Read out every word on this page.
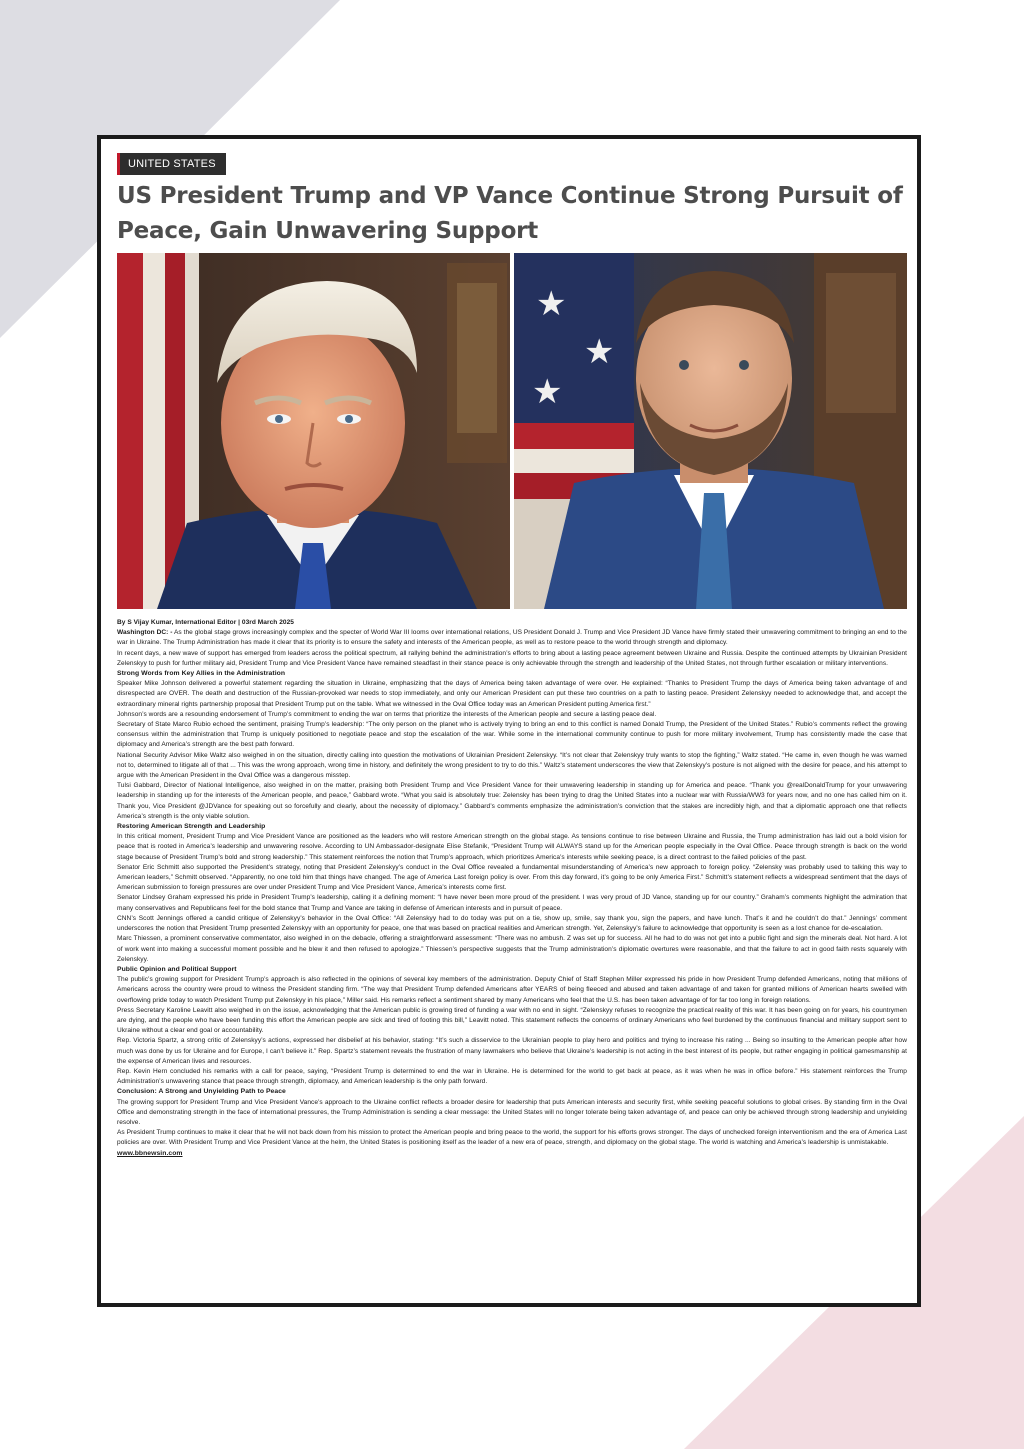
UNITED STATES
US President Trump and VP Vance Continue Strong Pursuit of Peace, Gain Unwavering Support
★
★
★

By S Vijay Kumar, International Editor | 03rd March 2025

Washington DC: - As the global stage grows increasingly complex and the specter of World War III looms over international relations, US President Donald J. Trump and Vice President JD Vance have firmly stated their unwavering commitment to bringing an end to the war in Ukraine. The Trump Administration has made it clear that its priority is to ensure the safety and interests of the American people, as well as to restore peace to the world through strength and diplomacy.

In recent days, a new wave of support has emerged from leaders across the political spectrum, all rallying behind the administration’s efforts to bring about a lasting peace agreement between Ukraine and Russia. Despite the continued attempts by Ukrainian President Zelenskyy to push for further military aid, President Trump and Vice President Vance have remained steadfast in their stance peace is only achievable through the strength and leadership of the United States, not through further escalation or military interventions.

Strong Words from Key Allies in the Administration

Speaker Mike Johnson delivered a powerful statement regarding the situation in Ukraine, emphasizing that the days of America being taken advantage of were over. He explained: “Thanks to President Trump the days of America being taken advantage of and disrespected are OVER. The death and destruction of the Russian-provoked war needs to stop immediately, and only our American President can put these two countries on a path to lasting peace. President Zelenskyy needed to acknowledge that, and accept the extraordinary mineral rights partnership proposal that President Trump put on the table. What we witnessed in the Oval Office today was an American President putting America first.”

Johnson’s words are a resounding endorsement of Trump’s commitment to ending the war on terms that prioritize the interests of the American people and secure a lasting peace deal.

Secretary of State Marco Rubio echoed the sentiment, praising Trump’s leadership: “The only person on the planet who is actively trying to bring an end to this conflict is named Donald Trump, the President of the United States.” Rubio’s comments reflect the growing consensus within the administration that Trump is uniquely positioned to negotiate peace and stop the escalation of the war. While some in the international community continue to push for more military involvement, Trump has consistently made the case that diplomacy and America’s strength are the best path forward.

National Security Advisor Mike Waltz also weighed in on the situation, directly calling into question the motivations of Ukrainian President Zelenskyy. “It’s not clear that Zelenskyy truly wants to stop the fighting,” Waltz stated. “He came in, even though he was warned not to, determined to litigate all of that ... This was the wrong approach, wrong time in history, and definitely the wrong president to try to do this.” Waltz’s statement underscores the view that Zelenskyy’s posture is not aligned with the desire for peace, and his attempt to argue with the American President in the Oval Office was a dangerous misstep.

Tulsi Gabbard, Director of National Intelligence, also weighed in on the matter, praising both President Trump and Vice President Vance for their unwavering leadership in standing up for America and peace. “Thank you @realDonaldTrump for your unwavering leadership in standing up for the interests of the American people, and peace,” Gabbard wrote. “What you said is absolutely true: Zelensky has been trying to drag the United States into a nuclear war with Russia/WW3 for years now, and no one has called him on it. Thank you, Vice President @JDVance for speaking out so forcefully and clearly, about the necessity of diplomacy.” Gabbard’s comments emphasize the administration’s conviction that the stakes are incredibly high, and that a diplomatic approach one that reflects America’s strength is the only viable solution.

Restoring American Strength and Leadership

In this critical moment, President Trump and Vice President Vance are positioned as the leaders who will restore American strength on the global stage. As tensions continue to rise between Ukraine and Russia, the Trump administration has laid out a bold vision for peace that is rooted in America’s leadership and unwavering resolve. According to UN Ambassador-designate Elise Stefanik, “President Trump will ALWAYS stand up for the American people especially in the Oval Office. Peace through strength is back on the world stage because of President Trump’s bold and strong leadership.” This statement reinforces the notion that Trump’s approach, which prioritizes America’s interests while seeking peace, is a direct contrast to the failed policies of the past.

Senator Eric Schmitt also supported the President’s strategy, noting that President Zelenskyy’s conduct in the Oval Office revealed a fundamental misunderstanding of America’s new approach to foreign policy. “Zelensky was probably used to talking this way to American leaders,” Schmitt observed. “Apparently, no one told him that things have changed. The age of America Last foreign policy is over. From this day forward, it’s going to be only America First.” Schmitt’s statement reflects a widespread sentiment that the days of American submission to foreign pressures are over under President Trump and Vice President Vance, America’s interests come first.

Senator Lindsey Graham expressed his pride in President Trump’s leadership, calling it a defining moment: “I have never been more proud of the president. I was very proud of JD Vance, standing up for our country.” Graham’s comments highlight the admiration that many conservatives and Republicans feel for the bold stance that Trump and Vance are taking in defense of American interests and in pursuit of peace.

CNN’s Scott Jennings offered a candid critique of Zelenskyy’s behavior in the Oval Office: “All Zelenskyy had to do today was put on a tie, show up, smile, say thank you, sign the papers, and have lunch. That’s it and he couldn’t do that.” Jennings’ comment underscores the notion that President Trump presented Zelenskyy with an opportunity for peace, one that was based on practical realities and American strength. Yet, Zelenskyy’s failure to acknowledge that opportunity is seen as a lost chance for de-escalation.

Marc Thiessen, a prominent conservative commentator, also weighed in on the debacle, offering a straightforward assessment: “There was no ambush. Z was set up for success. All he had to do was not get into a public fight and sign the minerals deal. Not hard. A lot of work went into making a successful moment possible and he blew it and then refused to apologize.” Thiessen’s perspective suggests that the Trump administration’s diplomatic overtures were reasonable, and that the failure to act in good faith rests squarely with Zelenskyy.

Public Opinion and Political Support

The public’s growing support for President Trump’s approach is also reflected in the opinions of several key members of the administration. Deputy Chief of Staff Stephen Miller expressed his pride in how President Trump defended Americans, noting that millions of Americans across the country were proud to witness the President standing firm. “The way that President Trump defended Americans after YEARS of being fleeced and abused and taken advantage of and taken for granted millions of American hearts swelled with overflowing pride today to watch President Trump put Zelenskyy in his place,” Miller said. His remarks reflect a sentiment shared by many Americans who feel that the U.S. has been taken advantage of for far too long in foreign relations.

Press Secretary Karoline Leavitt also weighed in on the issue, acknowledging that the American public is growing tired of funding a war with no end in sight. “Zelenskyy refuses to recognize the practical reality of this war. It has been going on for years, his countrymen are dying, and the people who have been funding this effort the American people are sick and tired of footing this bill,” Leavitt noted. This statement reflects the concerns of ordinary Americans who feel burdened by the continuous financial and military support sent to Ukraine without a clear end goal or accountability.

Rep. Victoria Spartz, a strong critic of Zelenskyy’s actions, expressed her disbelief at his behavior, stating: “It’s such a disservice to the Ukrainian people to play hero and politics and trying to increase his rating ... Being so insulting to the American people after how much was done by us for Ukraine and for Europe, I can’t believe it.” Rep. Spartz’s statement reveals the frustration of many lawmakers who believe that Ukraine’s leadership is not acting in the best interest of its people, but rather engaging in political gamesmanship at the expense of American lives and resources.

Rep. Kevin Hern concluded his remarks with a call for peace, saying, “President Trump is determined to end the war in Ukraine. He is determined for the world to get back at peace, as it was when he was in office before.” His statement reinforces the Trump Administration’s unwavering stance that peace through strength, diplomacy, and American leadership is the only path forward.

Conclusion: A Strong and Unyielding Path to Peace

The growing support for President Trump and Vice President Vance’s approach to the Ukraine conflict reflects a broader desire for leadership that puts American interests and security first, while seeking peaceful solutions to global crises. By standing firm in the Oval Office and demonstrating strength in the face of international pressures, the Trump Administration is sending a clear message: the United States will no longer tolerate being taken advantage of, and peace can only be achieved through strong leadership and unyielding resolve.

As President Trump continues to make it clear that he will not back down from his mission to protect the American people and bring peace to the world, the support for his efforts grows stronger. The days of unchecked foreign interventionism and the era of America Last policies are over. With President Trump and Vice President Vance at the helm, the United States is positioning itself as the leader of a new era of peace, strength, and diplomacy on the global stage. The world is watching and America’s leadership is unmistakable.

www.bbnewsin.com
